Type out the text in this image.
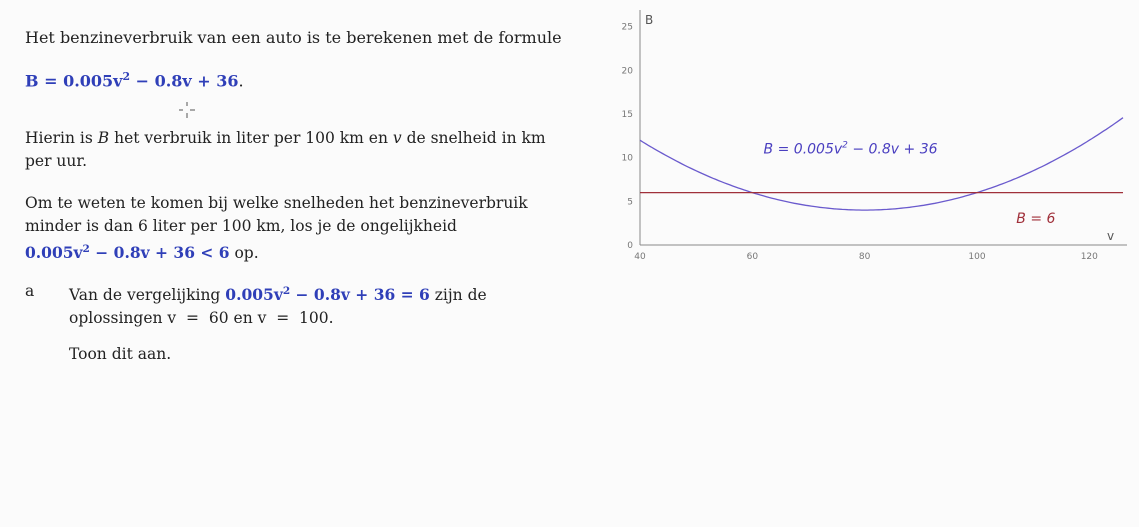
Het benzineverbruik van een auto is te berekenen met de formule
$B = 0.005v^2 - 0.8v + 36$.
Hierin is B het verbruik in liter per 100 km en v de snelheid in km per uur.
Om te weten te komen bij welke snelheden het benzineverbruik minder is dan 6 liter per 100 km, los je de ongelijkheid
$0.005v^2 - 0.8v + 36 < 6$ op.
a	Van de vergelijking $0.005v^2 - 0.8v + 36 = 6$ zijn de oplossingen v  =  60 en v  =  100.
Toon dit aan.
0
5
10
15
20
25
40	60	80	100	120
B
v
$B = 0.005v^2 - 0.8v + 36$
B = 6
